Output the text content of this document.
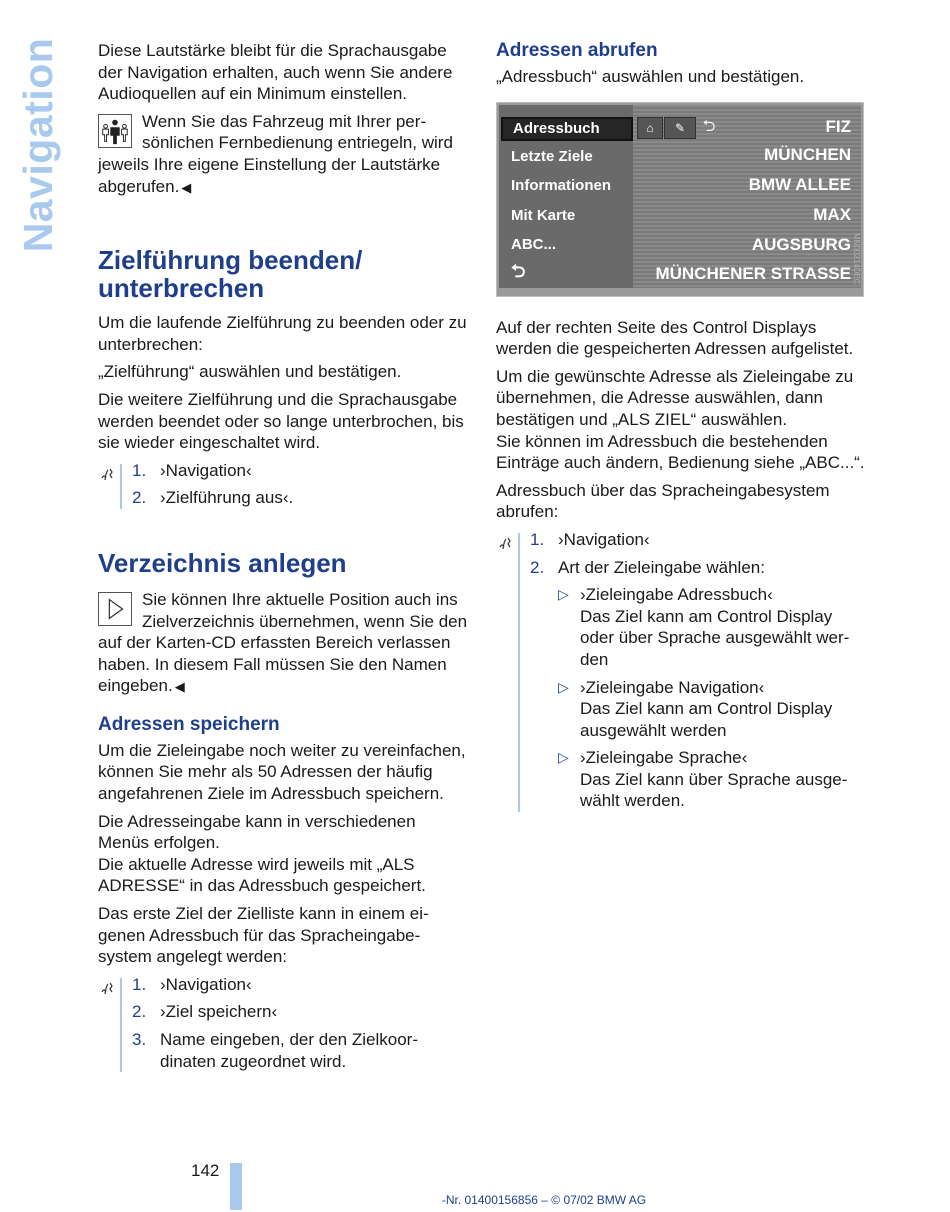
Navigation Diese Lautstärke bleibt für die Sprachausgabe der Navigation erhalten, auch wenn Sie andere Audioquellen auf ein Minimum einstellen.

Wenn Sie das Fahrzeug mit Ihrer persönlichen Fernbedienung entriegeln, wird jeweils Ihre eigene Einstellung der Lautstärke abgerufen. ◀

Zielführung beenden/ unterbrechen

Um die laufende Zielführung zu beenden oder zu unterbrechen:

„Zielführung“ auswählen und bestätigen.

Die weitere Zielführung und die Sprachausgabe werden beendet oder so lange unterbrochen, bis sie wieder eingeschaltet wird.

1. ›Navigation‹
2. ›Zielführung aus‹.
Verzeichnis anlegen

Sie können Ihre aktuelle Position auch ins Zielverzeichnis übernehmen, wenn Sie den auf der Karten-CD erfassten Bereich verlassen haben. In diesem Fall müssen Sie den Namen eingeben. ◀

Adressen speichern

Um die Zieleingabe noch weiter zu vereinfachen, können Sie mehr als 50 Adressen der häufig angefahrenen Ziele im Adressbuch speichern.

Die Adresseingabe kann in verschiedenen Menüs erfolgen.

Die aktuelle Adresse wird jeweils mit „ALS ADRESSE“ in das Adressbuch gespeichert.

Das erste Ziel der Zielliste kann in einem eigenen Adressbuch für das Spracheingabesystem angelegt werden:

1. ›Navigation‹
2. ›Ziel speichern‹
3. Name eingeben, der den Zielkoordinaten zugeordnet wird.
Adressen abrufen

„Adressbuch“ auswählen und bestätigen.

Adressbuch
Letzte Ziele
Informationen
Mit Karte
ABC...
⮌
⌂	✎	⮌	FIZ
MÜNCHEN
BMW ALLEE
MAX
AUGSBURG
MÜNCHENER STRASSE

Auf der rechten Seite des Control Displays werden die gespeicherten Adressen aufgelistet.

Um die gewünschte Adresse als Zieleingabe zu übernehmen, die Adresse auswählen, dann bestätigen und „ALS ZIEL“ auswählen.

Sie können im Adressbuch die bestehenden Einträge auch ändern, Bedienung siehe „ABC...“.

Adressbuch über das Spracheingabesystem abrufen:

1. ›Navigation‹
2. Art der Zieleingabe wählen:
▷ ›Zieleingabe Adressbuch‹
Das Ziel kann am Control Display oder über Sprache ausgewählt werden
▷ ›Zieleingabe Navigation‹
Das Ziel kann am Control Display ausgewählt werden
▷ ›Zieleingabe Sprache‹
Das Ziel kann über Sprache ausgewählt werden.
142
-Nr. 01400156856 – © 07/02 BMW AG
